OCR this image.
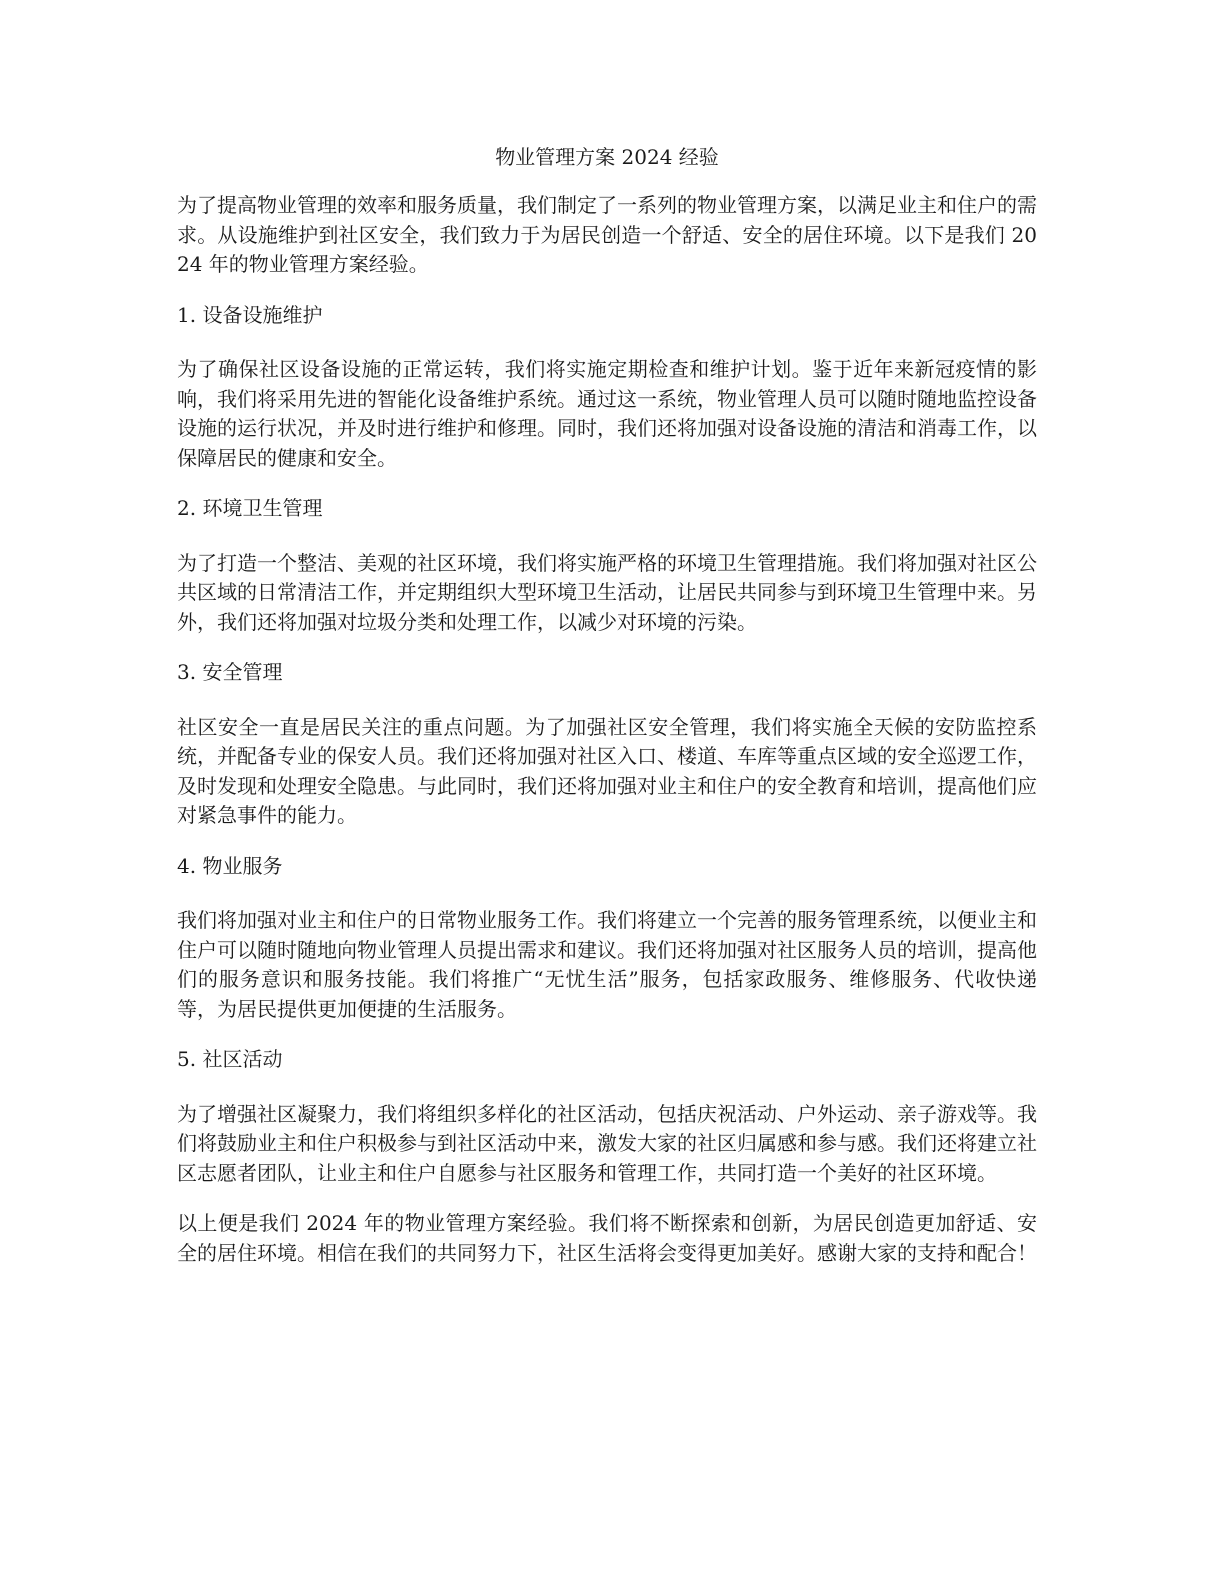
物业管理方案 2024 经验

为了提高物业管理的效率和服务质量，我们制定了一系列的物业管理方案，以满足业主和住户的需求。从设施维护到社区安全，我们致力于为居民创造一个舒适、安全的居住环境。以下是我们 2024 年的物业管理方案经验。

1. 设备设施维护

为了确保社区设备设施的正常运转，我们将实施定期检查和维护计划。鉴于近年来新冠疫情的影响，我们将采用先进的智能化设备维护系统。通过这一系统，物业管理人员可以随时随地监控设备设施的运行状况，并及时进行维护和修理。同时，我们还将加强对设备设施的清洁和消毒工作，以保障居民的健康和安全。

2. 环境卫生管理

为了打造一个整洁、美观的社区环境，我们将实施严格的环境卫生管理措施。我们将加强对社区公共区域的日常清洁工作，并定期组织大型环境卫生活动，让居民共同参与到环境卫生管理中来。另外，我们还将加强对垃圾分类和处理工作，以减少对环境的污染。

3. 安全管理

社区安全一直是居民关注的重点问题。为了加强社区安全管理，我们将实施全天候的安防监控系统，并配备专业的保安人员。我们还将加强对社区入口、楼道、车库等重点区域的安全巡逻工作，及时发现和处理安全隐患。与此同时，我们还将加强对业主和住户的安全教育和培训，提高他们应对紧急事件的能力。

4. 物业服务

我们将加强对业主和住户的日常物业服务工作。我们将建立一个完善的服务管理系统，以便业主和住户可以随时随地向物业管理人员提出需求和建议。我们还将加强对社区服务人员的培训，提高他们的服务意识和服务技能。我们将推广“无忧生活”服务，包括家政服务、维修服务、代收快递等，为居民提供更加便捷的生活服务。

5. 社区活动

为了增强社区凝聚力，我们将组织多样化的社区活动，包括庆祝活动、户外运动、亲子游戏等。我们将鼓励业主和住户积极参与到社区活动中来，激发大家的社区归属感和参与感。我们还将建立社区志愿者团队，让业主和住户自愿参与社区服务和管理工作，共同打造一个美好的社区环境。

以上便是我们 2024 年的物业管理方案经验。我们将不断探索和创新，为居民创造更加舒适、安全的居住环境。相信在我们的共同努力下，社区生活将会变得更加美好。感谢大家的支持和配合！
